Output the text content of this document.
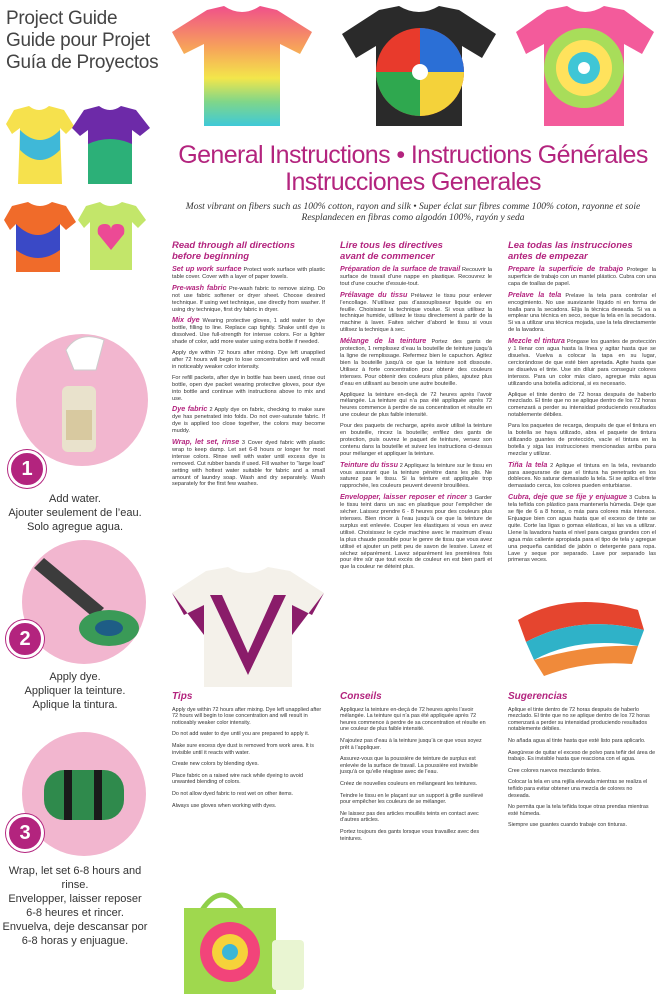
Project Guide
Guide pour Projet
Guía de Proyectos
General Instructions • Instructions Générales
Instrucciones Generales
Most vibrant on fibers such as 100% cotton, rayon and silk • Super éclat sur fibres comme 100% coton, rayonne et soie
Resplandecen en fibras como algodón 100%, rayón y seda
1
Add water.
Ajouter seulement de l’eau.
Solo agregue agua.
2
Apply dye.
Appliquer la teinture.
Aplique la tintura.
3
Wrap, let set 6-8 hours and rinse.
Envelopper, laisser reposer
6-8 heures et rincer.
Envuelva, deje descansar por
6-8 horas y enjuague.
Read through all directions
before beginning

Set up work surface Protect work surface with plastic table cover. Cover with a layer of paper towels.

Pre-wash fabric Pre-wash fabric to remove sizing. Do not use fabric softener or dryer sheet. Choose desired technique. If using wet technique, use directly from washer. If using dry technique, first dry fabric in dryer.

Mix dye Wearing protective gloves, 1 add water to dye bottle, filling to line. Replace cap tightly. Shake until dye is dissolved. Use full-strength for intense colors. For a lighter shade of color, add more water using extra bottle if needed.

Apply dye within 72 hours after mixing. Dye left unapplied after 72 hours will begin to lose concentration and will result in noticeably weaker color intensity.

For refill packets, after dye in bottle has been used, rinse out bottle, open dye packet wearing protective gloves, pour dye into bottle and continue with instructions above to mix and use.

Dye fabric 2 Apply dye on fabric, checking to make sure dye has penetrated into folds. Do not over-saturate fabric. If dye is applied too close together, the colors may become muddy.

Wrap, let set, rinse 3 Cover dyed fabric with plastic wrap to keep damp. Let set 6-8 hours or longer for most intense colors. Rinse well with water until excess dye is removed. Cut rubber bands if used. Fill washer to “large load” setting with hottest water suitable for fabric and a small amount of laundry soap. Wash and dry separately. Wash separately for the first few washes.

Lire tous les directives
avant de commencer

Préparation de la surface de travail Recouvrir la surface de travail d’une nappe en plastique. Recouvrez le tout d’une couche d’essuie-tout.

Prélavage du tissu Prélavez le tissu pour enlever l’encollage. N’utilisez pas d’assouplisseur liquide ou en feuille. Choisissez la technique voulue. Si vous utilisez la technique humide, utilisez le tissu directement à partir de la machine à laver. Faites sécher d’abord le tissu si vous utilisez la technique à sec.

Mélange de la teinture Portez des gants de protection, 1 remplissez d’eau la bouteille de teinture jusqu’à la ligne de remplissage. Refermez bien le capuchon. Agitez bien la bouteille jusqu’à ce que la teinture soit dissoute. Utilisez à forte concentration pour obtenir des couleurs intenses. Pour obtenir des couleurs plus pâles, ajoutez plus d’eau en utilisant au besoin une autre bouteille.

Appliquez la teinture en-deçà de 72 heures après l’avoir mélangée. La teinture qui n’a pas été appliquée après 72 heures commence à perdre de sa concentration et résulte en une couleur de plus faible intensité.

Pour des paquets de recharge, après avoir utilisé la teinture en bouteille, rincez la bouteille; enfilez des gants de protection, puis ouvrez le paquet de teinture, versez son contenu dans la bouteille et suivez les instructions ci-dessus pour mélanger et appliquer la teinture.

Teinture du tissu 2 Appliquez la teinture sur le tissu en vous assurant que la teinture pénètre dans les plis. Ne saturez pas le tissu. Si la teinture est appliquée trop rapprochée, les couleurs peuvent devenir brouillées.

Envelopper, laisser reposer et rincer 3 Garder le tissu teint dans un sac en plastique pour l’empêcher de sécher. Laissez prendre 6 - 8 heures pour des couleurs plus intenses. Bien rincer à l’eau jusqu’à ce que la teinture de surplus est enlevée. Couper les élastiques si vous en avez utilisé. Choisissez le cycle machine avec le maximum d’eau la plus chaude possible pour le genre de tissu que vous avez utilisé et ajouter un petit peu de savon de lessive. Lavez et séchez séparément. Lavez séparément les premières fois pour être sûr que tout excès de couleur en est bien parti et que la couleur ne déteint plus.

Lea todas las instrucciones
antes de empezar

Prepare la superficie de trabajo Proteger la superficie de trabajo con un mantel plástico. Cubra con una capa de toallas de papel.

Prelave la tela Prelave la tela para controlar el encogimiento. No use suavizante líquido ni en forma de toalla para la secadora. Elija la técnica deseada. Si va a emplear una técnica en seco, seque la tela en la secadora. Si va a utilizar una técnica mojada, use la tela directamente de la lavadora.

Mezcle el tintura Póngase los guantes de protección y 1 llenar con agua hasta la línea y agitar hasta que se disuelva. Vuelva a colocar la tapa en su lugar, cerciorándose de que esté bien apretada. Agite hasta que se disuelva el tinte. Use sin diluir para conseguir colores intensos. Para un color más claro, agregue más agua utilizando una botella adicional, si es necesario.

Aplique el tinte dentro de 72 horas después de haberlo mezclado. El tinte que no se aplique dentro de los 72 horas comenzará a perder su intensidad produciendo resultados notablemente débiles.

Para los paquetes de recarga, después de que el tintura en la botella se haya utilizado, abra el paquete de tintura utilizando guantes de protección, vacíe el tintura en la botella y siga las instrucciones mencionadas arriba para mezclar y utilizar.

Tiña la tela 2 Aplique el tintura en la tela, revisando para asegurarse de que el tintura ha penetrado en los dobleces. No saturar demasiado la tela. Si se aplica el tinte demasiado cerca, los colores pueden enturbiarse.

Cubra, deje que se fije y enjuague 3 Cubra la tela teñida con plástico para mantenerla húmeda. Deje que se fije de 6 a 8 horas, o más para colores más intensos. Enjuague bien con agua hasta que el exceso de tinte se quite. Corte las ligas o gomas elásticas, si las va a utilizar. Llene la lavadora hasta el nivel para cargas grandes con el agua más caliente apropiada para el tipo de tela y agregue una pequeña cantidad de jabón o detergente para ropa. Lave y seque por separado. Lave por separado las primeras veces.

Tips

Apply dye within 72 hours after mixing. Dye left unapplied after 72 hours will begin to lose concentration and will result in noticeably weaker color intensity.

Do not add water to dye until you are prepared to apply it.

Make sure excess dye dust is removed from work area. It is invisible until it reacts with water.

Create new colors by blending dyes.

Place fabric on a raised wire rack while dyeing to avoid unwanted blending of colors.

Do not allow dyed fabric to rest wet on other items.

Always use gloves when working with dyes.

Conseils

Appliquez la teinture en-deçà de 72 heures après l’avoir mélangée. La teinture qui n’a pas été appliquée après 72 heures commence à perdre de sa concentration et résulte en une couleur de plus faible intensité.

N’ajoutez pas d’eau à la teinture jusqu’à ce que vous soyez prêt à l’appliquer.

Assurez-vous que la poussière de teinture de surplus est enlevée de la surface de travail. La poussière est invisible jusqu’à ce qu’elle réagisse avec de l’eau.

Créez de nouvelles couleurs en mélangeant les teintures.

Teindre le tissu en le plaçant sur un support à grille surélevé pour empêcher les couleurs de se mélanger.

Ne laissez pas des articles mouillés teints en contact avec d’autres articles.

Portez toujours des gants lorsque vous travaillez avec des teintures.

Sugerencias

Aplique el tinte dentro de 72 horas después de haberlo mezclado. El tinte que no se aplique dentro de los 72 horas comenzará a perder su intensidad produciendo resultados notablemente débiles.

No añada agua al tinte hasta que esté listo para aplicarlo.

Asegúrese de quitar el exceso de polvo para teñir del área de trabajo. Es invisible hasta que reacciona con el agua.

Cree colores nuevos mezclando tintes.

Colocar la tela en una rejilla elevada mientras se realiza el teñido para evitar obtener una mezcla de colores no deseada.

No permita que la tela teñida toque otras prendas mientras esté húmeda.

Siempre use guantes cuando trabaje con tinturas.
